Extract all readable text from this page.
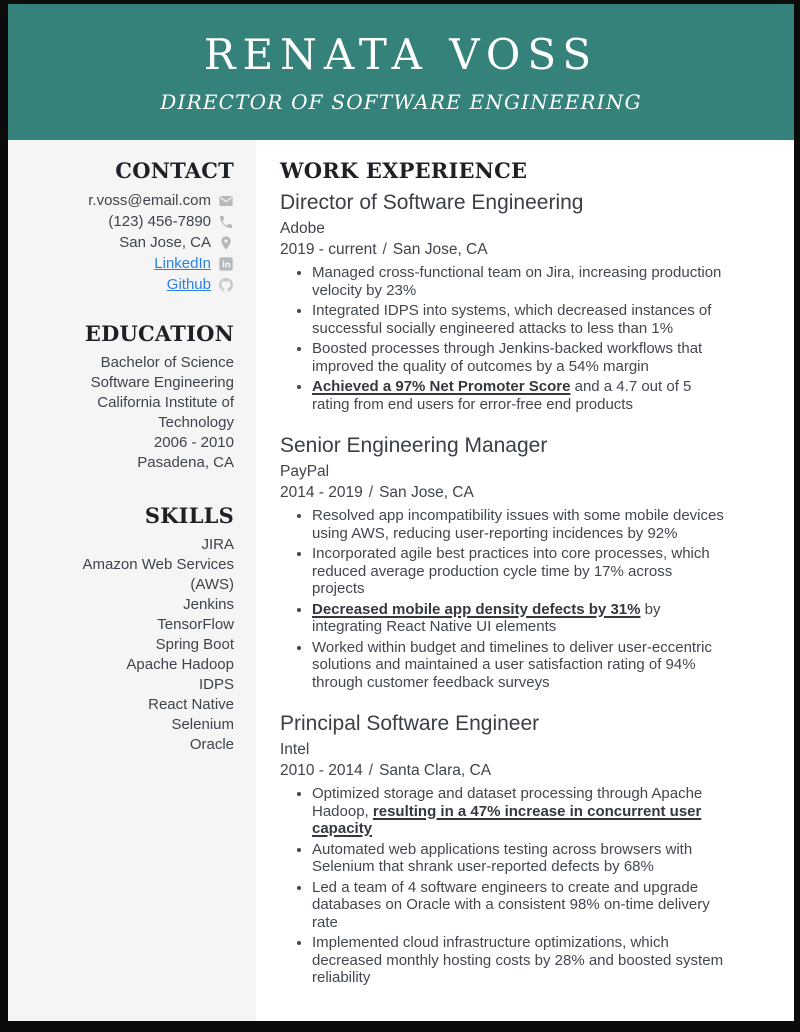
RENATA VOSS
DIRECTOR OF SOFTWARE ENGINEERING
CONTACT
r.voss@email.com
(123) 456-7890
San Jose, CA
LinkedIn
Github
EDUCATION
Bachelor of Science
Software Engineering
California Institute of Technology
2006 - 2010
Pasadena, CA
SKILLS
JIRA
Amazon Web Services (AWS)
Jenkins
TensorFlow
Spring Boot
Apache Hadoop
IDPS
React Native
Selenium
Oracle
WORK EXPERIENCE
Director of Software Engineering
Adobe
2019 - current / San Jose, CA
• Managed cross-functional team on Jira, increasing production velocity by 23%
• Integrated IDPS into systems, which decreased instances of successful socially engineered attacks to less than 1%
• Boosted processes through Jenkins-backed workflows that improved the quality of outcomes by a 54% margin
• Achieved a 97% Net Promoter Score and a 4.7 out of 5 rating from end users for error-free end products
Senior Engineering Manager
PayPal
2014 - 2019 / San Jose, CA
• Resolved app incompatibility issues with some mobile devices using AWS, reducing user-reporting incidences by 92%
• Incorporated agile best practices into core processes, which reduced average production cycle time by 17% across projects
• Decreased mobile app density defects by 31% by integrating React Native UI elements
• Worked within budget and timelines to deliver user-eccentric solutions and maintained a user satisfaction rating of 94% through customer feedback surveys
Principal Software Engineer
Intel
2010 - 2014 / Santa Clara, CA
• Optimized storage and dataset processing through Apache Hadoop, resulting in a 47% increase in concurrent user capacity
• Automated web applications testing across browsers with Selenium that shrank user-reported defects by 68%
• Led a team of 4 software engineers to create and upgrade databases on Oracle with a consistent 98% on-time delivery rate
• Implemented cloud infrastructure optimizations, which decreased monthly hosting costs by 28% and boosted system reliability
